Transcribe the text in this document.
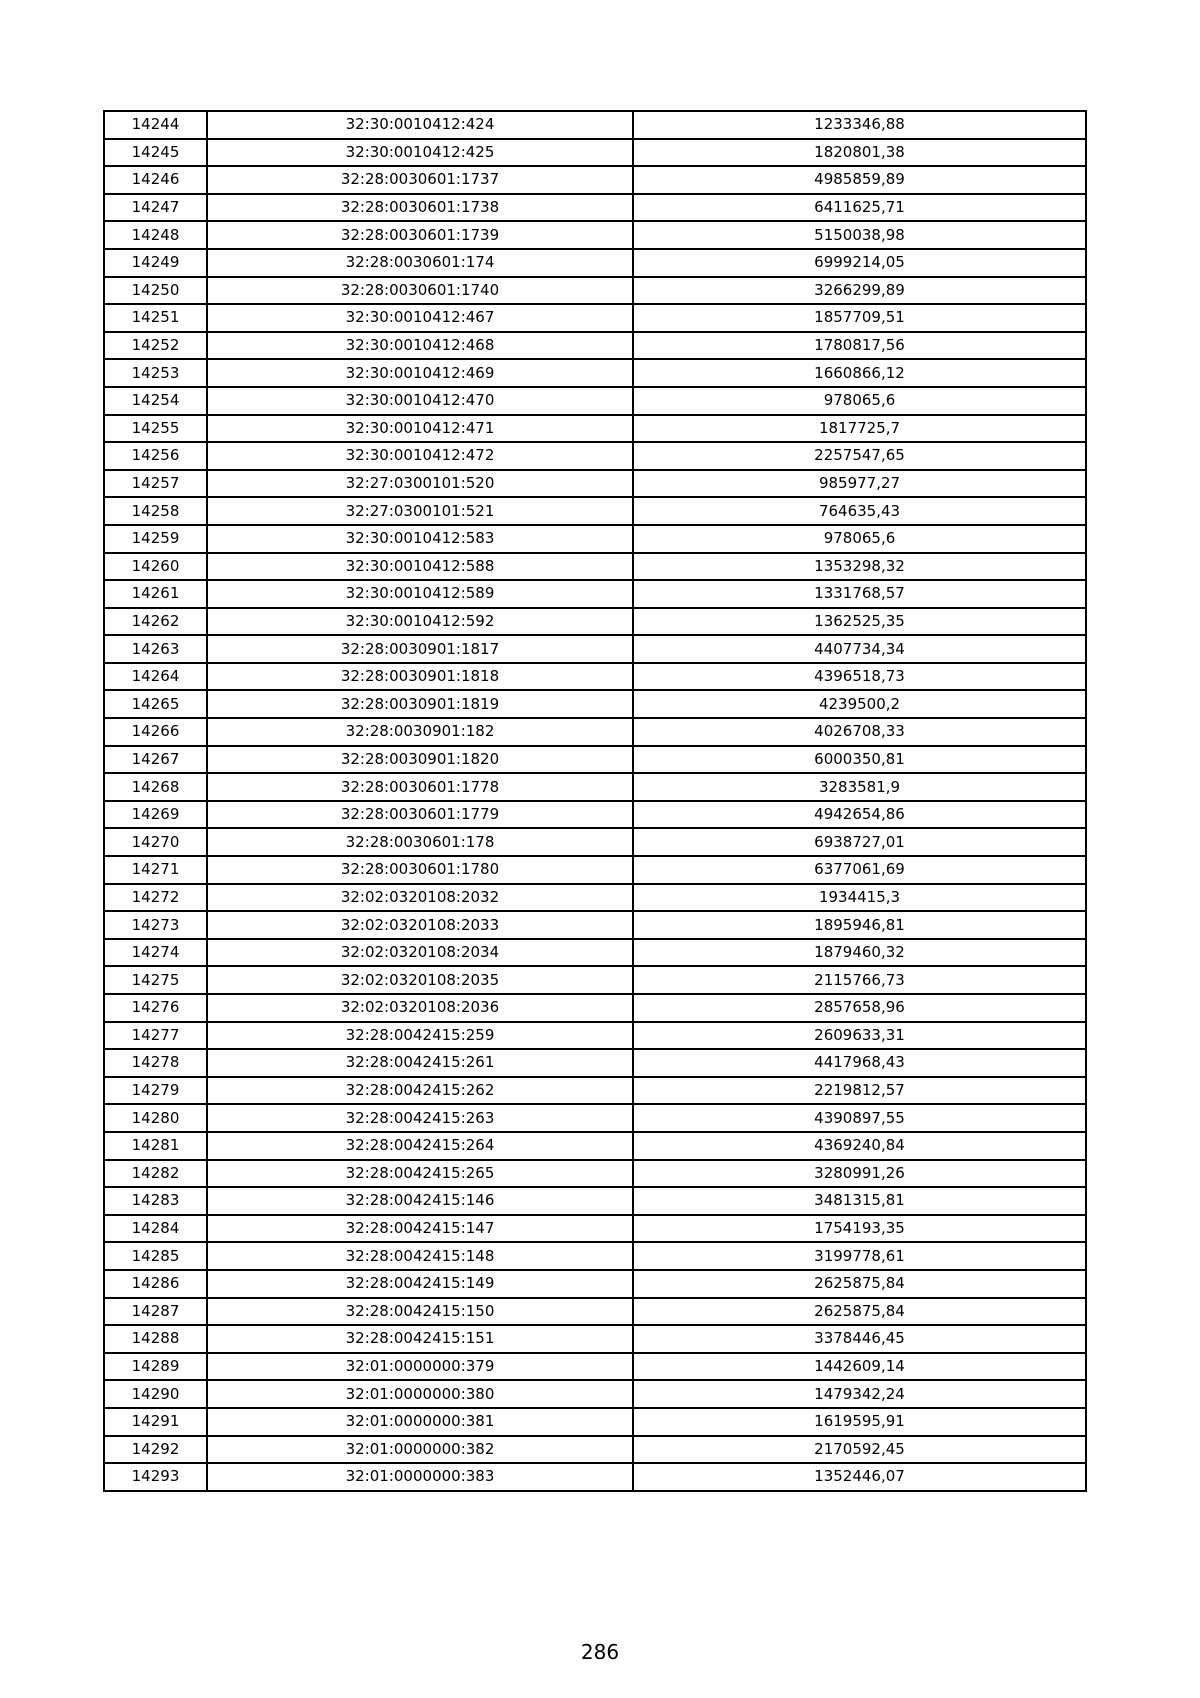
14244	32:30:0010412:424	1233346,88
14245	32:30:0010412:425	1820801,38
14246	32:28:0030601:1737	4985859,89
14247	32:28:0030601:1738	6411625,71
14248	32:28:0030601:1739	5150038,98
14249	32:28:0030601:174	6999214,05
14250	32:28:0030601:1740	3266299,89
14251	32:30:0010412:467	1857709,51
14252	32:30:0010412:468	1780817,56
14253	32:30:0010412:469	1660866,12
14254	32:30:0010412:470	978065,6
14255	32:30:0010412:471	1817725,7
14256	32:30:0010412:472	2257547,65
14257	32:27:0300101:520	985977,27
14258	32:27:0300101:521	764635,43
14259	32:30:0010412:583	978065,6
14260	32:30:0010412:588	1353298,32
14261	32:30:0010412:589	1331768,57
14262	32:30:0010412:592	1362525,35
14263	32:28:0030901:1817	4407734,34
14264	32:28:0030901:1818	4396518,73
14265	32:28:0030901:1819	4239500,2
14266	32:28:0030901:182	4026708,33
14267	32:28:0030901:1820	6000350,81
14268	32:28:0030601:1778	3283581,9
14269	32:28:0030601:1779	4942654,86
14270	32:28:0030601:178	6938727,01
14271	32:28:0030601:1780	6377061,69
14272	32:02:0320108:2032	1934415,3
14273	32:02:0320108:2033	1895946,81
14274	32:02:0320108:2034	1879460,32
14275	32:02:0320108:2035	2115766,73
14276	32:02:0320108:2036	2857658,96
14277	32:28:0042415:259	2609633,31
14278	32:28:0042415:261	4417968,43
14279	32:28:0042415:262	2219812,57
14280	32:28:0042415:263	4390897,55
14281	32:28:0042415:264	4369240,84
14282	32:28:0042415:265	3280991,26
14283	32:28:0042415:146	3481315,81
14284	32:28:0042415:147	1754193,35
14285	32:28:0042415:148	3199778,61
14286	32:28:0042415:149	2625875,84
14287	32:28:0042415:150	2625875,84
14288	32:28:0042415:151	3378446,45
14289	32:01:0000000:379	1442609,14
14290	32:01:0000000:380	1479342,24
14291	32:01:0000000:381	1619595,91
14292	32:01:0000000:382	2170592,45
14293	32:01:0000000:383	1352446,07
286
